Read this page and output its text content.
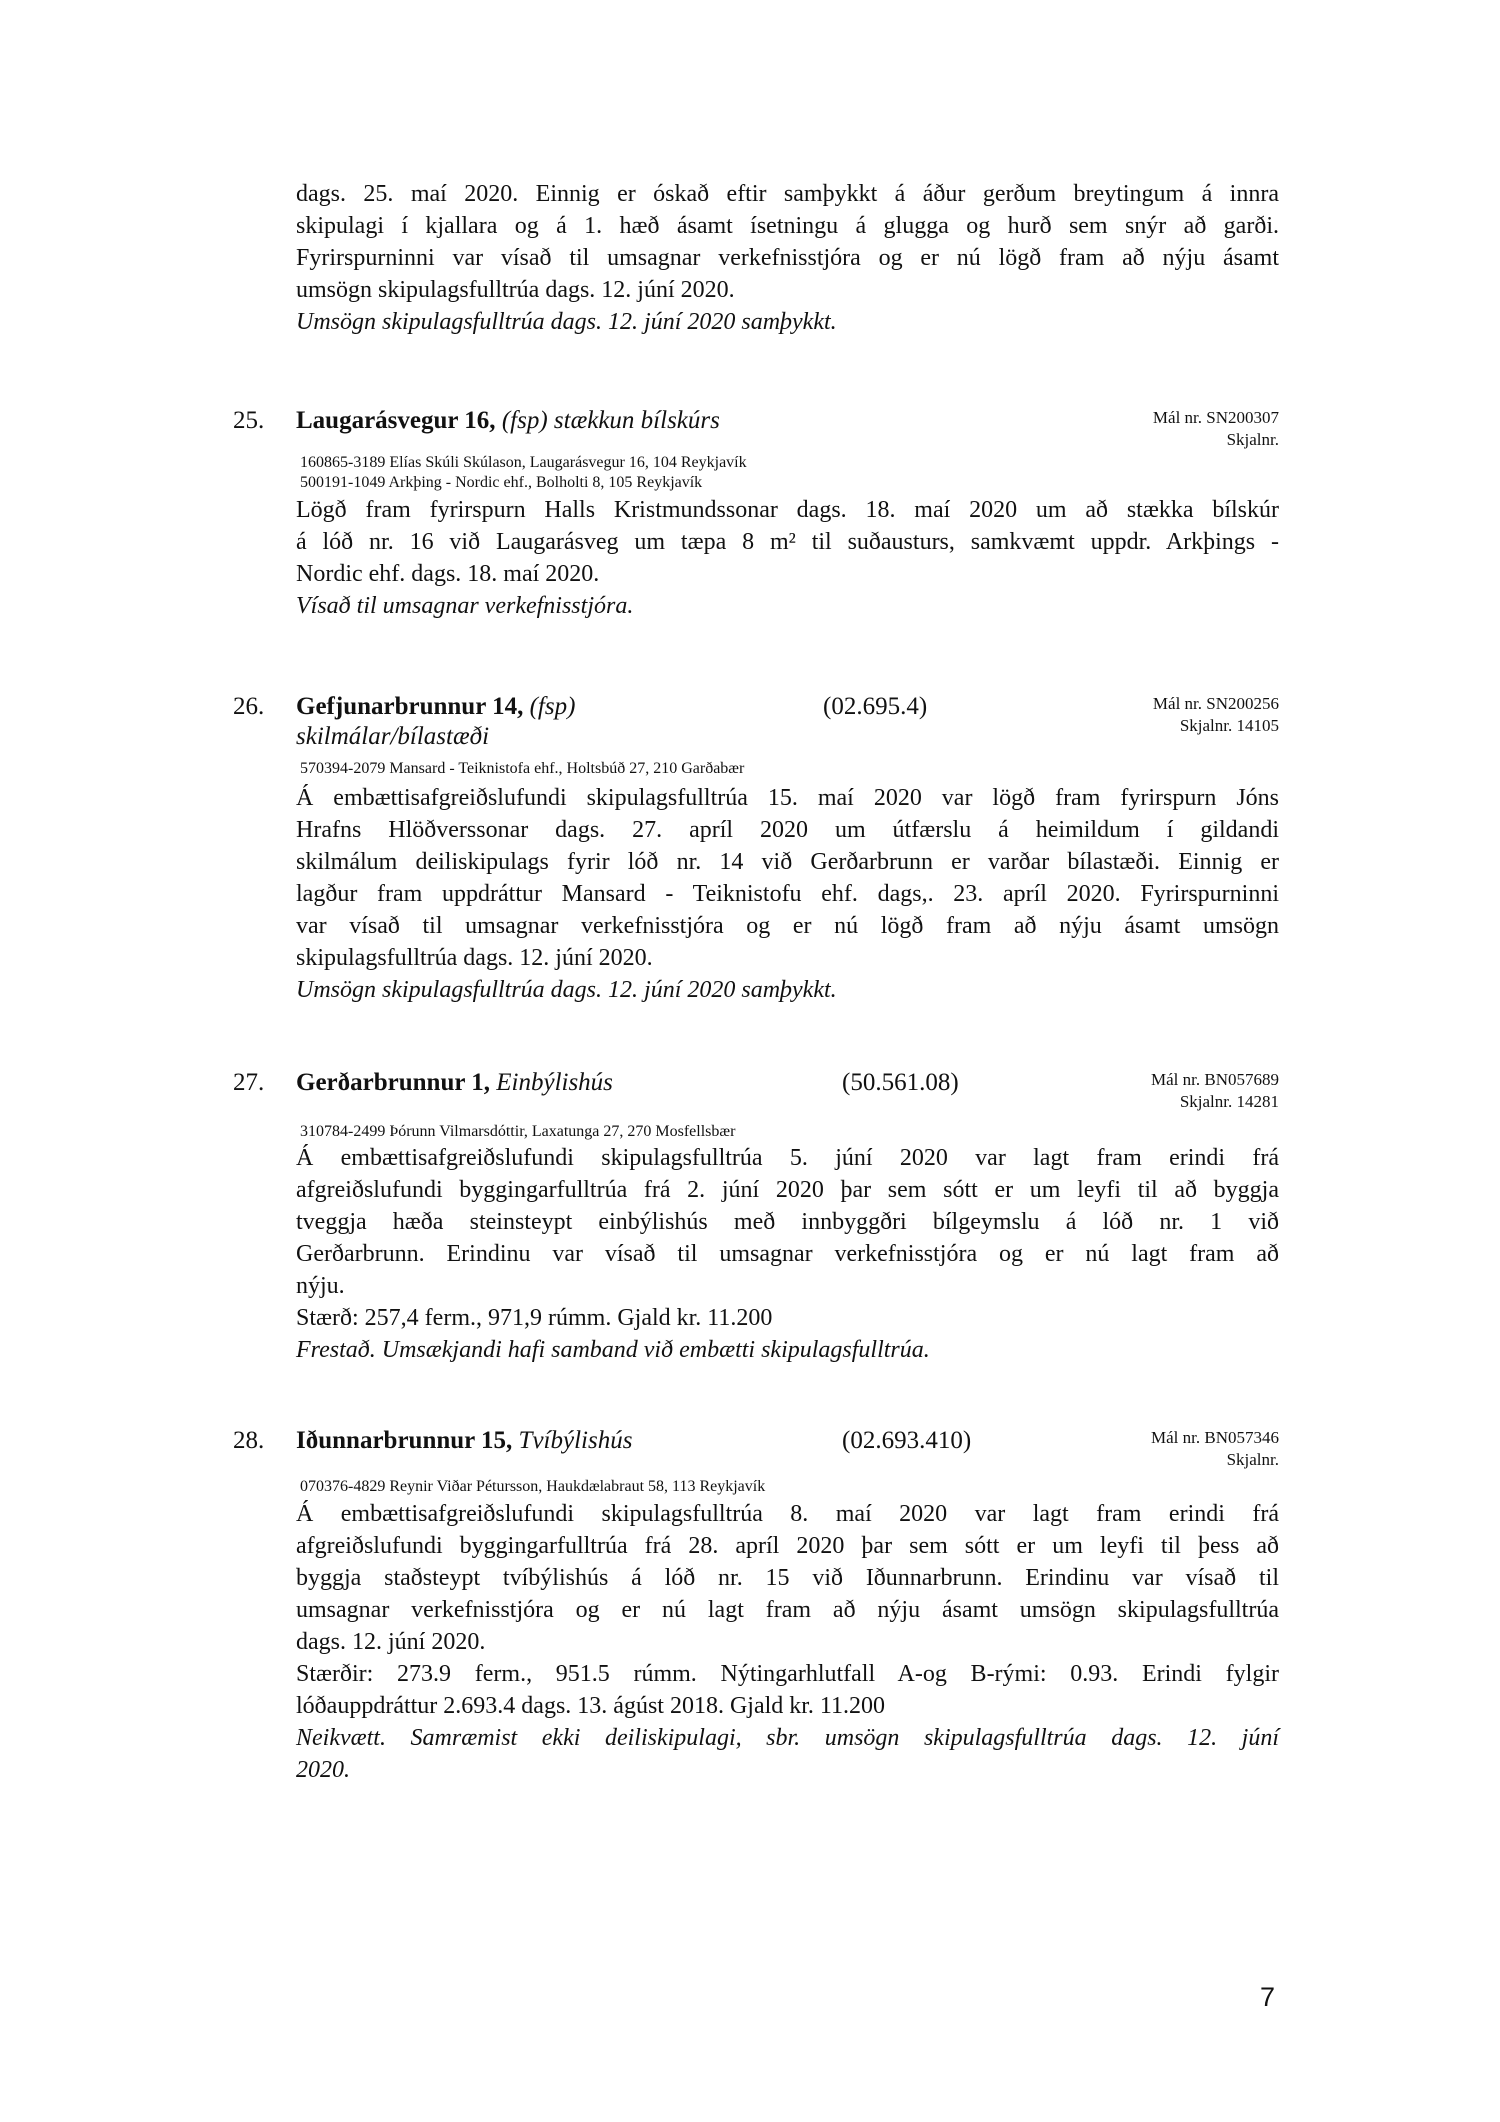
dags. 25. maí 2020. Einnig er óskað eftir samþykkt á áður gerðum breytingum á innra
skipulagi í kjallara og á 1. hæð ásamt ísetningu á glugga og hurð sem snýr að garði.
Fyrirspurninni var vísað til umsagnar verkefnisstjóra og er nú lögð fram að nýju ásamt
umsögn skipulagsfulltrúa dags. 12. júní 2020.
Umsögn skipulagsfulltrúa dags. 12. júní 2020 samþykkt.
25. Laugarásvegur 16, (fsp) stækkun bílskúrs	Mál nr. SN200307
Skjalnr.
160865-3189 Elías Skúli Skúlason, Laugarásvegur 16, 104 Reykjavík
500191-1049 Arkþing - Nordic ehf., Bolholti 8, 105 Reykjavík
Lögð fram fyrirspurn Halls Kristmundssonar dags. 18. maí 2020 um að stækka bílskúr
á lóð nr. 16 við Laugarásveg um tæpa 8 m² til suðausturs, samkvæmt uppdr. Arkþings -
Nordic ehf. dags. 18. maí 2020.
Vísað til umsagnar verkefnisstjóra.
26. Gefjunarbrunnur 14, (fsp)
skilmálar/bílastæði
(02.695.4)	Mál nr. SN200256
Skjalnr. 14105
570394-2079 Mansard - Teiknistofa ehf., Holtsbúð 27, 210 Garðabær
Á embættisafgreiðslufundi skipulagsfulltrúa 15. maí 2020 var lögð fram fyrirspurn Jóns
Hrafns Hlöðverssonar dags. 27. apríl 2020 um útfærslu á heimildum í gildandi
skilmálum deiliskipulags fyrir lóð nr. 14 við Gerðarbrunn er varðar bílastæði. Einnig er
lagður fram uppdráttur Mansard - Teiknistofu ehf. dags,. 23. apríl 2020. Fyrirspurninni
var vísað til umsagnar verkefnisstjóra og er nú lögð fram að nýju ásamt umsögn
skipulagsfulltrúa dags. 12. júní 2020.
Umsögn skipulagsfulltrúa dags. 12. júní 2020 samþykkt.
27. Gerðarbrunnur 1, Einbýlishús	(50.561.08)	Mál nr. BN057689
Skjalnr. 14281
310784-2499 Þórunn Vilmarsdóttir, Laxatunga 27, 270 Mosfellsbær
Á embættisafgreiðslufundi skipulagsfulltrúa 5. júní 2020 var lagt fram erindi frá
afgreiðslufundi byggingarfulltrúa frá 2. júní 2020 þar sem sótt er um leyfi til að byggja
tveggja hæða steinsteypt einbýlishús með innbyggðri bílgeymslu á lóð nr. 1 við
Gerðarbrunn. Erindinu var vísað til umsagnar verkefnisstjóra og er nú lagt fram að
nýju.
Stærð: 257,4 ferm., 971,9 rúmm. Gjald kr. 11.200
Frestað. Umsækjandi hafi samband við embætti skipulagsfulltrúa.
28. Iðunnarbrunnur 15, Tvíbýlishús	(02.693.410)	Mál nr. BN057346
Skjalnr.
070376-4829 Reynir Viðar Pétursson, Haukdælabraut 58, 113 Reykjavík
Á embættisafgreiðslufundi skipulagsfulltrúa 8. maí 2020 var lagt fram erindi frá
afgreiðslufundi byggingarfulltrúa frá 28. apríl 2020 þar sem sótt er um leyfi til þess að
byggja staðsteypt tvíbýlishús á lóð nr. 15 við Iðunnarbrunn. Erindinu var vísað til
umsagnar verkefnisstjóra og er nú lagt fram að nýju ásamt umsögn skipulagsfulltrúa
dags. 12. júní 2020.
Stærðir: 273.9 ferm., 951.5 rúmm. Nýtingarhlutfall A-og B-rými: 0.93. Erindi fylgir
lóðauppdráttur 2.693.4 dags. 13. ágúst 2018. Gjald kr. 11.200
Neikvætt. Samræmist ekki deiliskipulagi, sbr. umsögn skipulagsfulltrúa dags. 12. júní
2020.
7
